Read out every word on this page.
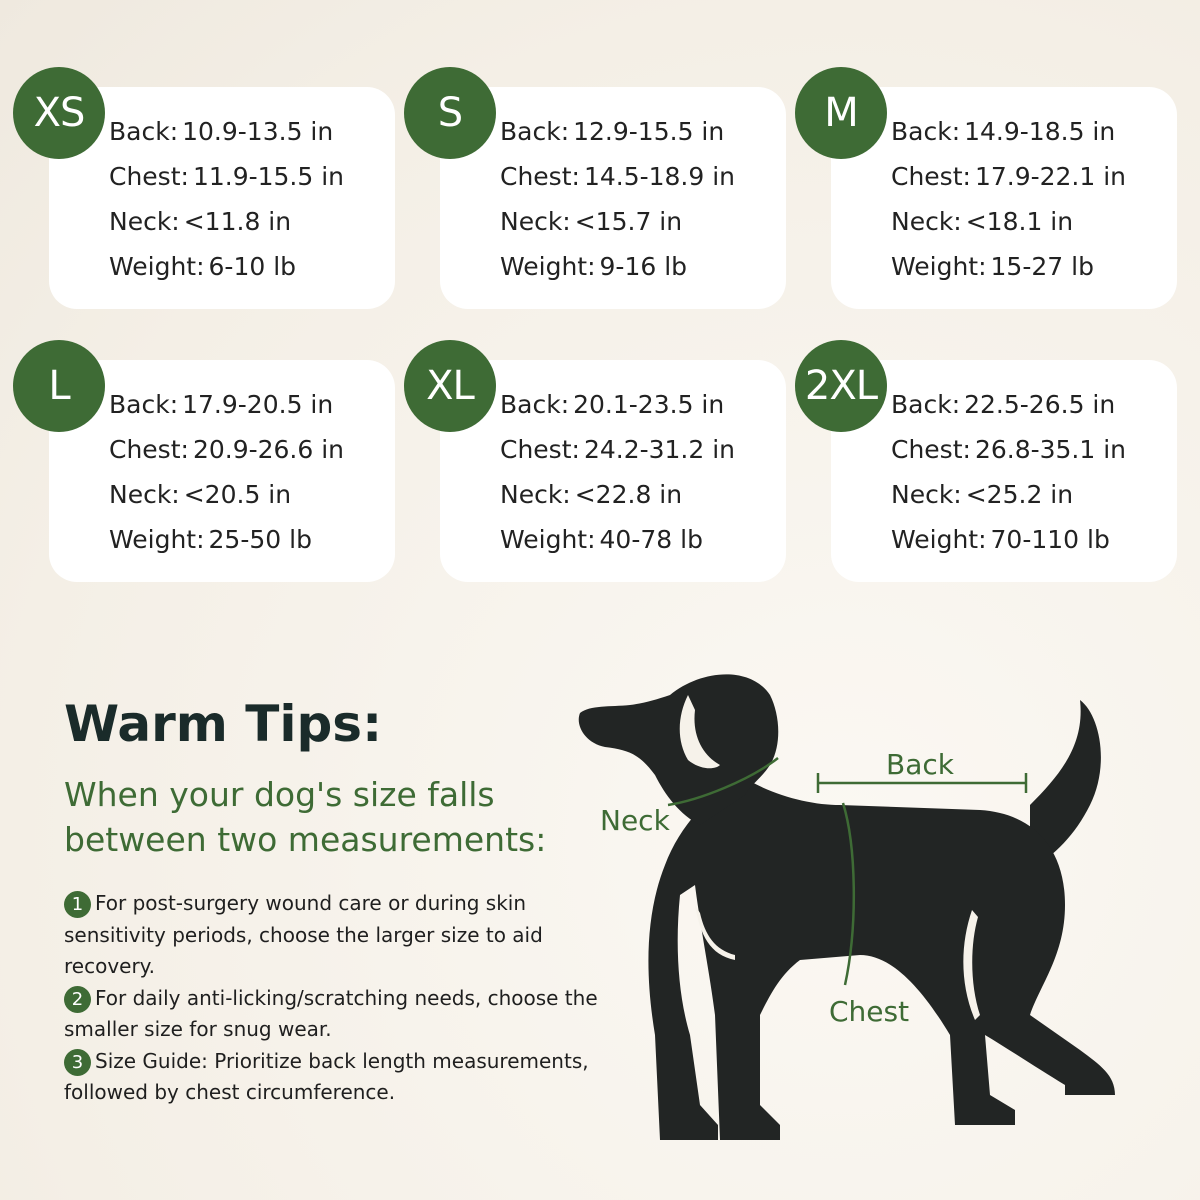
Back: 10.9-13.5 in
Chest: 11.9-15.5 in
Neck: <11.8 in
Weight: 6-10 lb
XS	Back: 12.9-15.5 in
Chest: 14.5-18.9 in
Neck: <15.7 in
Weight: 9-16 lb
S	Back: 14.9-18.5 in
Chest: 17.9-22.1 in
Neck: <18.1 in
Weight: 15-27 lb
M
Back: 17.9-20.5 in
Chest: 20.9-26.6 in
Neck: <20.5 in
Weight: 25-50 lb
L	Back: 20.1-23.5 in
Chest: 24.2-31.2 in
Neck: <22.8 in
Weight: 40-78 lb
XL	Back: 22.5-26.5 in
Chest: 26.8-35.1 in
Neck: <25.2 in
Weight: 70-110 lb
2XL
Warm Tips:
When your dog's size falls between two measurements:
1 For post-surgery wound care or during skin sensitivity periods, choose the larger size to aid recovery.
2 For daily anti-licking/scratching needs, choose the smaller size for snug wear.
3 Size Guide: Prioritize back length measurements, followed by chest circumference.
Back
Neck
Chest
